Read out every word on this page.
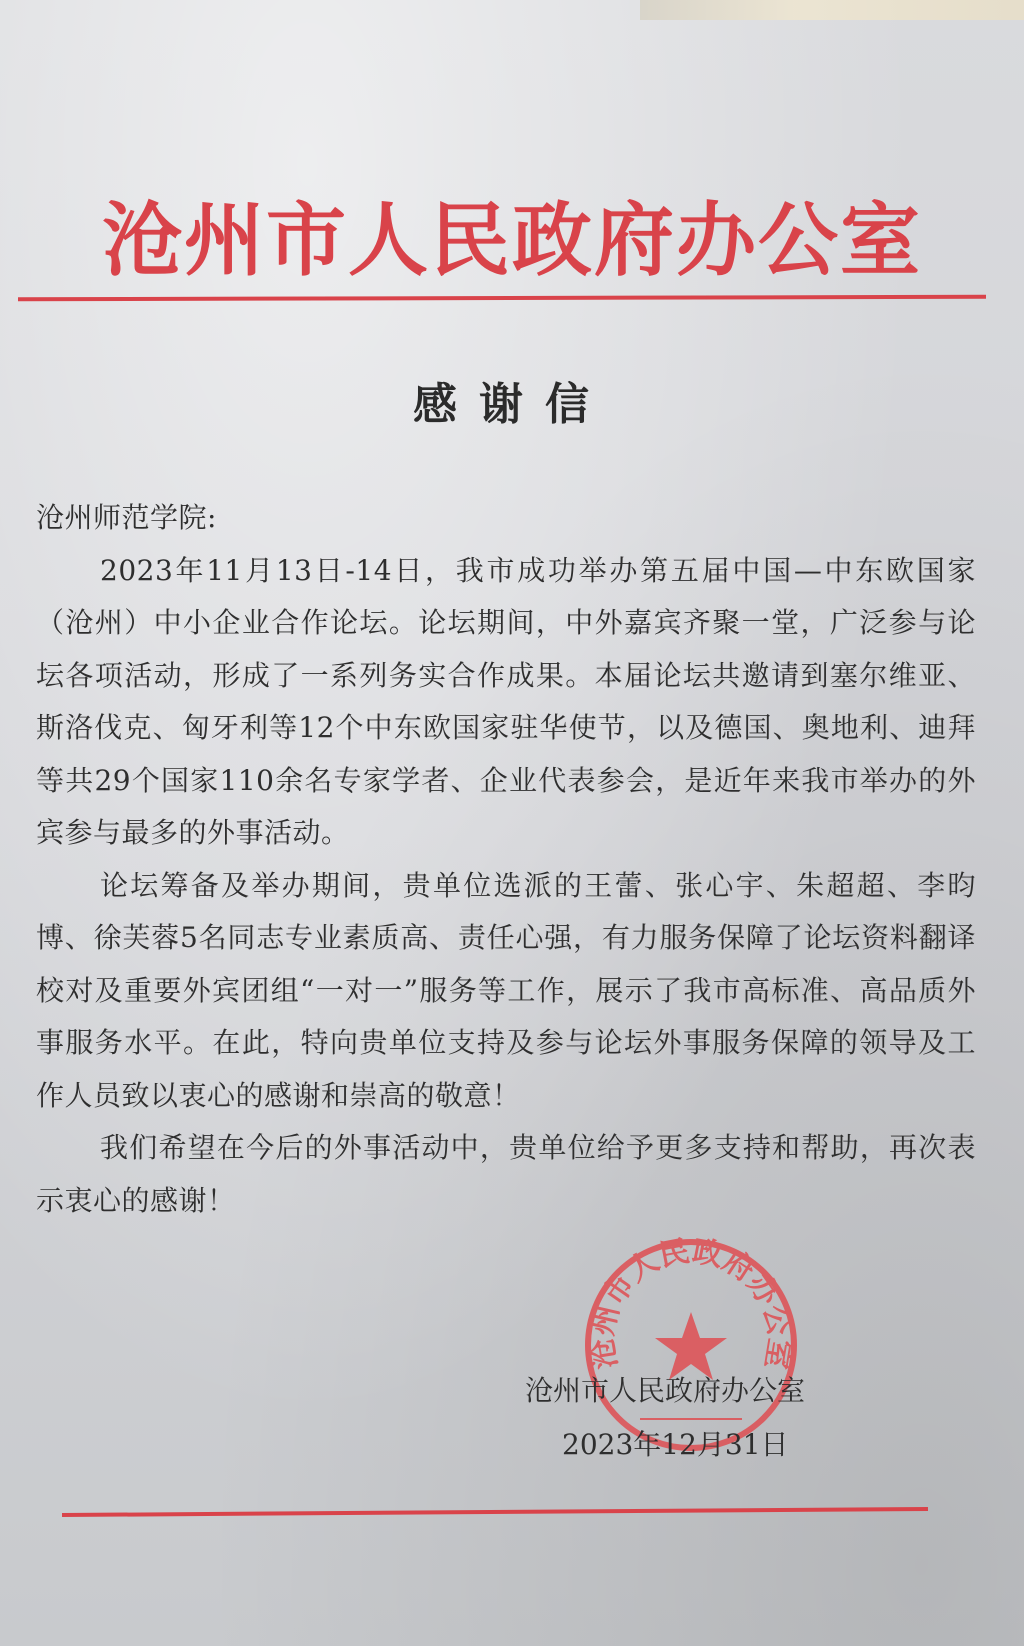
沧州市人民政府办公室
感谢信

沧州师范学院:

2023年11月13日-14日，我市成功举办第五届中国—中东欧国家（沧州）中小企业合作论坛。论坛期间，中外嘉宾齐聚一堂，广泛参与论坛各项活动，形成了一系列务实合作成果。本届论坛共邀请到塞尔维亚、斯洛伐克、匈牙利等12个中东欧国家驻华使节，以及德国、奥地利、迪拜等共29个国家110余名专家学者、企业代表参会，是近年来我市举办的外宾参与最多的外事活动。

论坛筹备及举办期间，贵单位选派的王蕾、张心宇、朱超超、李昀博、徐芙蓉5名同志专业素质高、责任心强，有力服务保障了论坛资料翻译校对及重要外宾团组“一对一”服务等工作，展示了我市高标准、高品质外事服务水平。在此，特向贵单位支持及参与论坛外事服务保障的领导及工作人员致以衷心的感谢和崇高的敬意！

我们希望在今后的外事活动中，贵单位给予更多支持和帮助，再次表示衷心的感谢！

沧州市人民政府办公室
沧州市人民政府办公室
2023年12月31日
